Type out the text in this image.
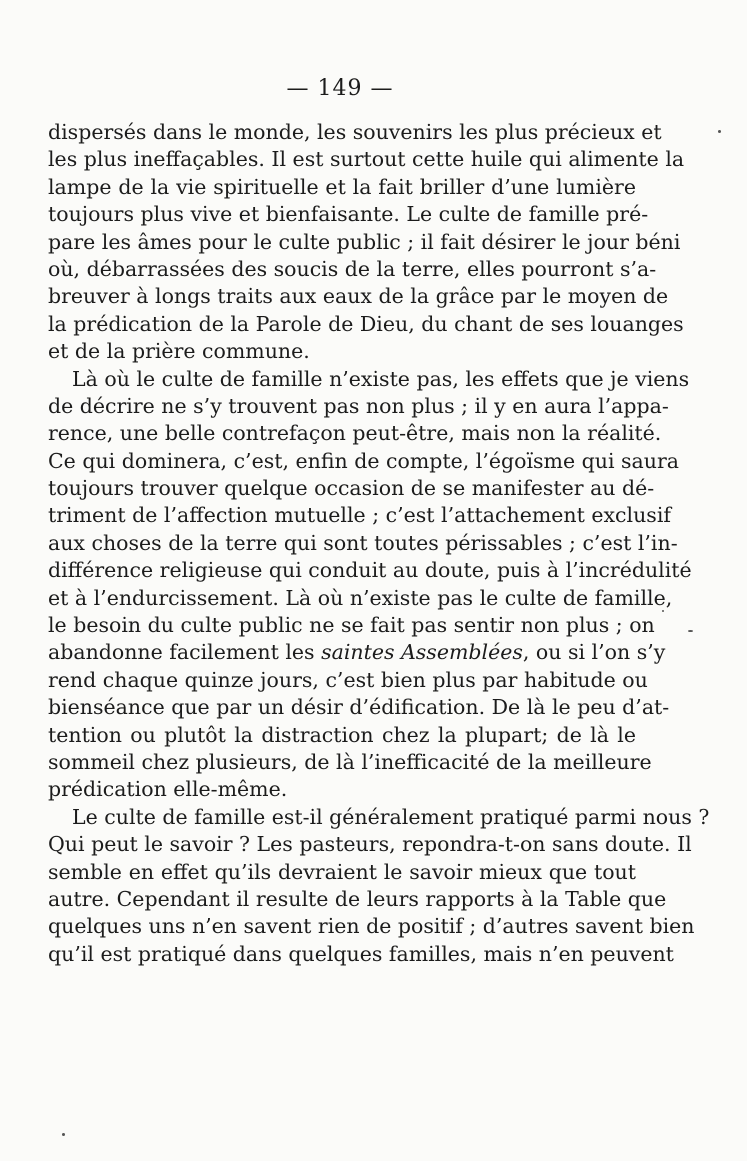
— 149 —
dispersés dans le monde, les souvenirs les plus précieux et
les plus ineffaçables. Il est surtout cette huile qui alimente la
lampe de la vie spirituelle et la fait briller d’une lumière
toujours plus vive et bienfaisante. Le culte de famille pré-
pare les âmes pour le culte public ; il fait désirer le jour béni
où, débarrassées des soucis de la terre, elles pourront s’a-
breuver à longs traits aux eaux de la grâce par le moyen de
la prédication de la Parole de Dieu, du chant de ses louanges
et de la prière commune.
Là où le culte de famille n’existe pas, les effets que je viens
de décrire ne s’y trouvent pas non plus ; il y en aura l’appa-
rence, une belle contrefaçon peut-être, mais non la réalité.
Ce qui dominera, c’est, enfin de compte, l’égoïsme qui saura
toujours trouver quelque occasion de se manifester au dé-
triment de l’affection mutuelle ; c’est l’attachement exclusif
aux choses de la terre qui sont toutes périssables ; c’est l’in-
différence religieuse qui conduit au doute, puis à l’incrédulité
et à l’endurcissement. Là où n’existe pas le culte de famille,
le besoin du culte public ne se fait pas sentir non plus ; on
abandonne facilement les saintes Assemblées, ou si l’on s’y
rend chaque quinze jours, c’est bien plus par habitude ou
bienséance que par un désir d’édification. De là le peu d’at-
tention ou plutôt la distraction chez la plupart; de là le
sommeil chez plusieurs, de là l’inefficacité de la meilleure
prédication elle-même.
Le culte de famille est-il généralement pratiqué parmi nous ?
Qui peut le savoir ? Les pasteurs, repondra-t-on sans doute. Il
semble en effet qu’ils devraient le savoir mieux que tout
autre. Cependant il resulte de leurs rapports à la Table que
quelques uns n’en savent rien de positif ; d’autres savent bien
qu’il est pratiqué dans quelques familles, mais n’en peuvent
